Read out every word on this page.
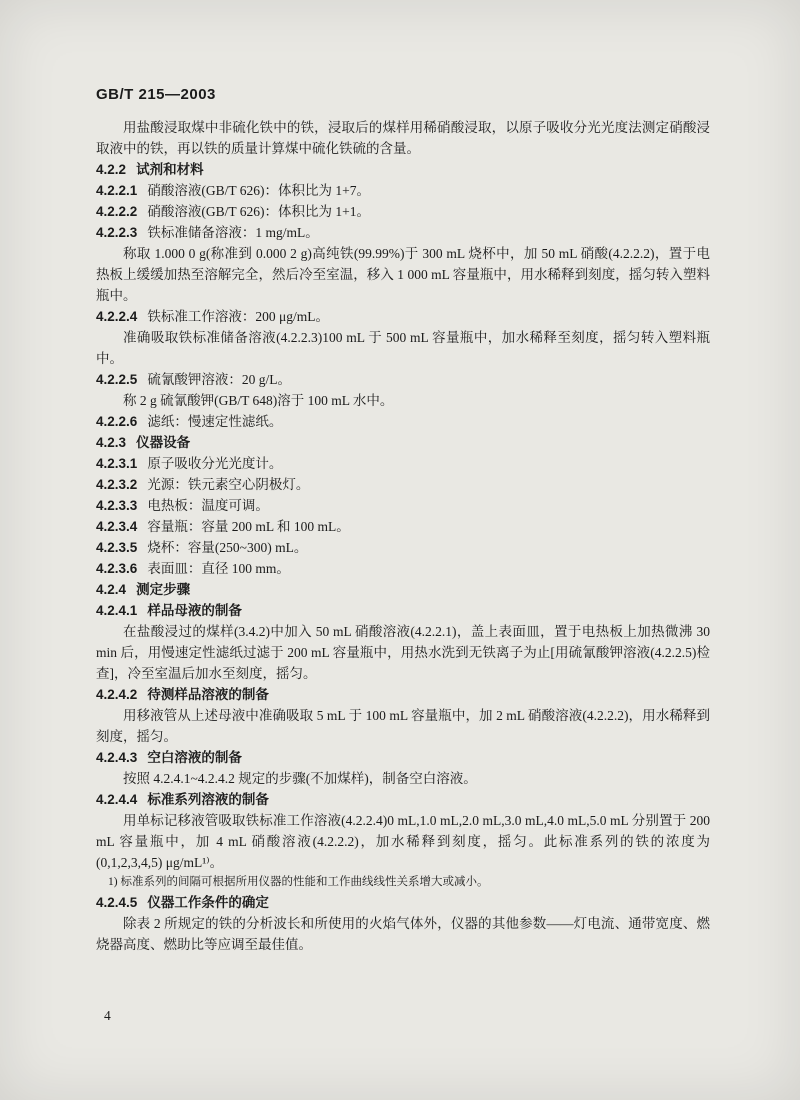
GB/T 215—2003

用盐酸浸取煤中非硫化铁中的铁，浸取后的煤样用稀硝酸浸取，以原子吸收分光光度法测定硝酸浸取液中的铁，再以铁的质量计算煤中硫化铁硫的含量。

4.2.2 试剂和材料

4.2.2.1 硝酸溶液(GB/T 626)：体积比为 1+7。

4.2.2.2 硝酸溶液(GB/T 626)：体积比为 1+1。

4.2.2.3 铁标准储备溶液：1 mg/mL。

称取 1.000 0 g(称准到 0.000 2 g)高纯铁(99.99%)于 300 mL 烧杯中，加 50 mL 硝酸(4.2.2.2)，置于电热板上缓缓加热至溶解完全，然后冷至室温，移入 1 000 mL 容量瓶中，用水稀释到刻度，摇匀转入塑料瓶中。

4.2.2.4 铁标准工作溶液：200 μg/mL。

准确吸取铁标准储备溶液(4.2.2.3)100 mL 于 500 mL 容量瓶中，加水稀释至刻度，摇匀转入塑料瓶中。

4.2.2.5 硫氰酸钾溶液：20 g/L。

称 2 g 硫氰酸钾(GB/T 648)溶于 100 mL 水中。

4.2.2.6 滤纸：慢速定性滤纸。

4.2.3 仪器设备

4.2.3.1 原子吸收分光光度计。

4.2.3.2 光源：铁元素空心阴极灯。

4.2.3.3 电热板：温度可调。

4.2.3.4 容量瓶：容量 200 mL 和 100 mL。

4.2.3.5 烧杯：容量(250~300) mL。

4.2.3.6 表面皿：直径 100 mm。

4.2.4 测定步骤

4.2.4.1 样品母液的制备

在盐酸浸过的煤样(3.4.2)中加入 50 mL 硝酸溶液(4.2.2.1)，盖上表面皿，置于电热板上加热微沸 30 min 后，用慢速定性滤纸过滤于 200 mL 容量瓶中，用热水洗到无铁离子为止[用硫氰酸钾溶液(4.2.2.5)检查]，冷至室温后加水至刻度，摇匀。

4.2.4.2 待测样品溶液的制备

用移液管从上述母液中准确吸取 5 mL 于 100 mL 容量瓶中，加 2 mL 硝酸溶液(4.2.2.2)，用水稀释到刻度，摇匀。

4.2.4.3 空白溶液的制备

按照 4.2.4.1~4.2.4.2 规定的步骤(不加煤样)，制备空白溶液。

4.2.4.4 标准系列溶液的制备

用单标记移液管吸取铁标准工作溶液(4.2.2.4)0 mL,1.0 mL,2.0 mL,3.0 mL,4.0 mL,5.0 mL 分别置于 200 mL 容量瓶中，加 4 mL 硝酸溶液(4.2.2.2)，加水稀释到刻度，摇匀。此标准系列的铁的浓度为(0,1,2,3,4,5) μg/mL¹⁾。

1) 标准系列的间隔可根据所用仪器的性能和工作曲线线性关系增大或减小。

4.2.4.5 仪器工作条件的确定

除表 2 所规定的铁的分析波长和所使用的火焰气体外，仪器的其他参数——灯电流、通带宽度、燃烧器高度、燃助比等应调至最佳值。

4
